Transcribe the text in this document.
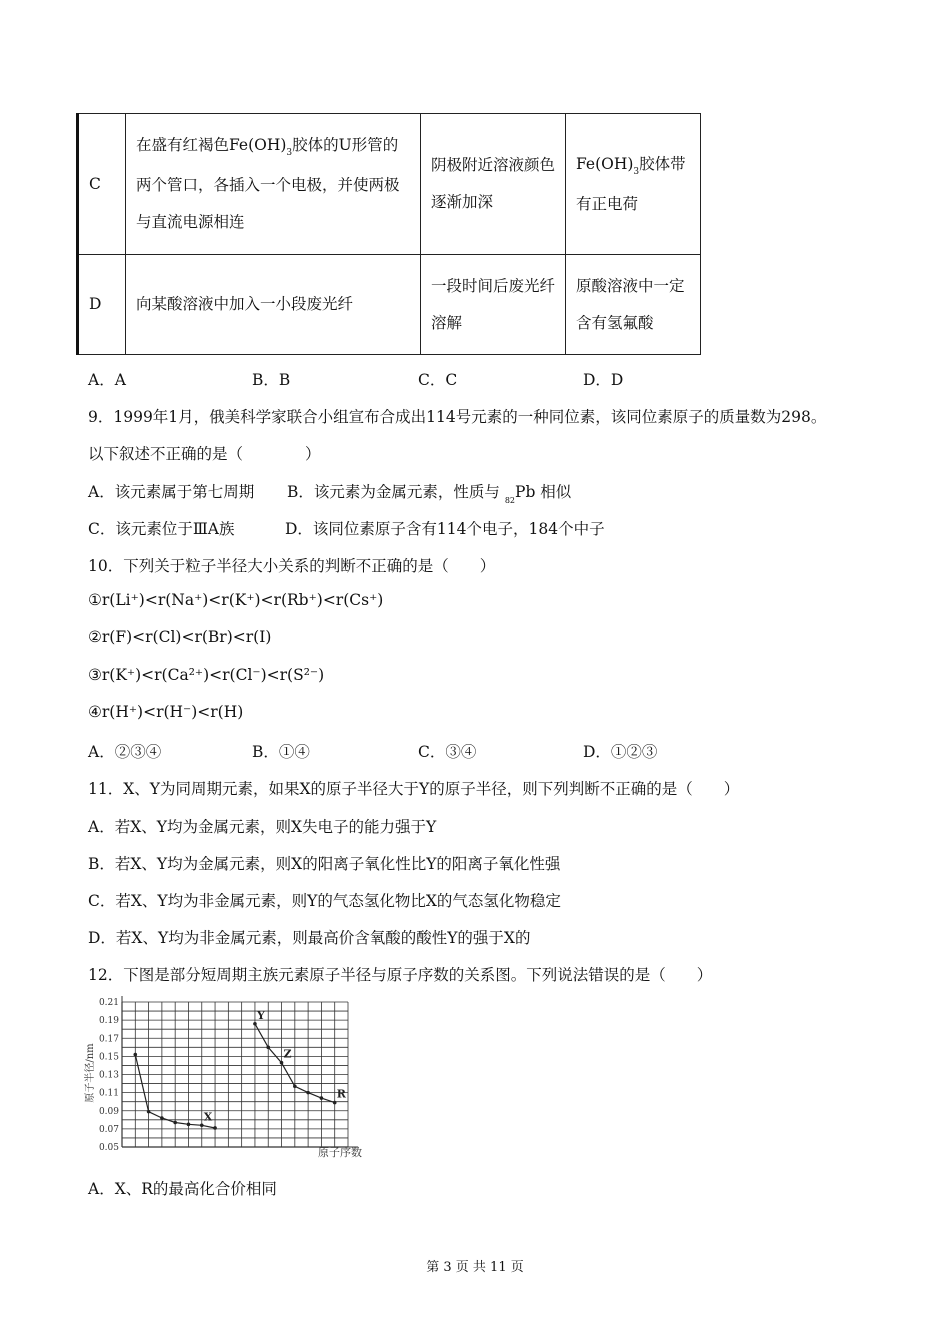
C	在盛有红褐色$Fe(OH)_3$胶体的U形管的两个管口，各插入一个电极，并使两极与直流电源相连	阴极附近溶液颜色逐渐加深	$Fe(OH)_3$胶体带有正电荷
D	向某酸溶液中加入一小段废光纤	一段时间后废光纤溶解	原酸溶液中一定含有氢氟酸
A．A	B．B	C．C	D．D
9．1999年1月，俄美科学家联合小组宣布合成出114号元素的一种同位素，该同位素原子的质量数为298。
以下叙述不正确的是（　　　　）
A．该元素属于第七周期 B．该元素为金属元素，性质与 $_{82}$Pb 相似
C．该元素位于ⅢA族	D．该同位素原子含有114个电子，184个中子
10．下列关于粒子半径大小关系的判断不正确的是（　　）
①r(Li⁺)<r(Na⁺)<r(K⁺)<r(Rb⁺)<r(Cs⁺)
②r(F)<r(Cl)<r(Br)<r(I)
③r(K⁺)<r(Ca²⁺)<r(Cl⁻)<r(S²⁻)
④r(H⁺)<r(H⁻)<r(H)
A．②③④	B．①④	C．③④	D．①②③
11．X、Y为同周期元素，如果X的原子半径大于Y的原子半径，则下列判断不正确的是（　　）
A．若X、Y均为金属元素，则X失电子的能力强于Y
B．若X、Y均为金属元素，则X的阳离子氧化性比Y的阳离子氧化性强
C．若X、Y均为非金属元素，则Y的气态氢化物比X的气态氢化物稳定
D．若X、Y均为非金属元素，则最高价含氧酸的酸性Y的强于X的
12．下图是部分短周期主族元素原子半径与原子序数的关系图。下列说法错误的是（　　）
0.21
0.19
0.17
0.15
0.13
0.11
0.09
0.07
0.05
X
Y
Z
R
原子半径/nm
原子序数
A．X、R的最高化合价相同
第 3 页 共 11 页
